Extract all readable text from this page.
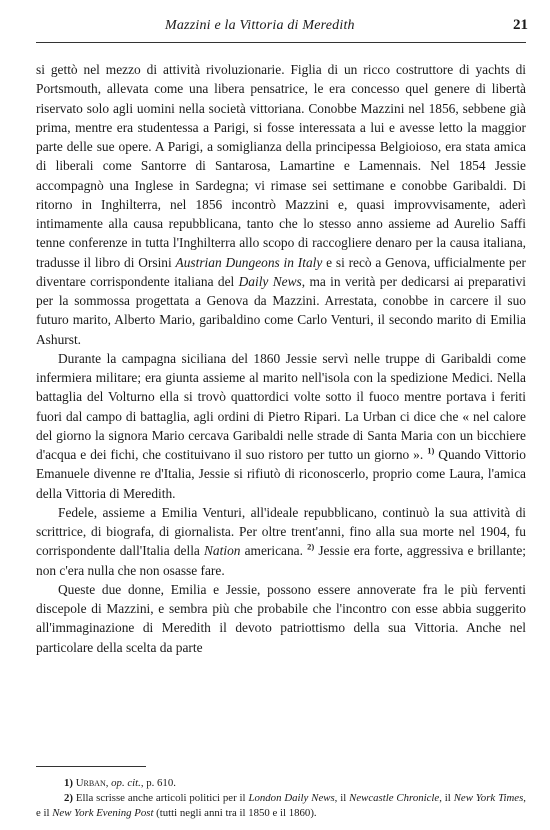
Mazzini e la Vittoria di Meredith	21

si gettò nel mezzo di attività rivoluzionarie. Figlia di un ricco costruttore di yachts di Portsmouth, allevata come una libera pensatrice, le era concesso quel genere di libertà riservato solo agli uomini nella società vittoriana. Conobbe Mazzini nel 1856, sebbene già prima, mentre era studentessa a Parigi, si fosse interessata a lui e avesse letto la maggior parte delle sue opere. A Parigi, a somiglianza della principessa Belgioioso, era stata amica di liberali come Santorre di Santarosa, Lamartine e Lamennais. Nel 1854 Jessie accompagnò una Inglese in Sardegna; vi rimase sei settimane e conobbe Garibaldi. Di ritorno in Inghilterra, nel 1856 incontrò Mazzini e, quasi improvvisamente, aderì intimamente alla causa repubblicana, tanto che lo stesso anno assieme ad Aurelio Saffi tenne conferenze in tutta l'Inghilterra allo scopo di raccogliere denaro per la causa italiana, tradusse il libro di Orsini Austrian Dungeons in Italy e si recò a Genova, ufficialmente per diventare corrispondente italiana del Daily News, ma in verità per dedicarsi ai preparativi per la sommossa progettata a Genova da Mazzini. Arrestata, conobbe in carcere il suo futuro marito, Alberto Mario, garibaldino come Carlo Venturi, il secondo marito di Emilia Ashurst.

Durante la campagna siciliana del 1860 Jessie servì nelle truppe di Garibaldi come infermiera militare; era giunta assieme al marito nell'isola con la spedizione Medici. Nella battaglia del Volturno ella si trovò quattordici volte sotto il fuoco mentre portava i feriti fuori dal campo di battaglia, agli ordini di Pietro Ripari. La Urban ci dice che « nel calore del giorno la signora Mario cercava Garibaldi nelle strade di Santa Maria con un bicchiere d'acqua e dei fichi, che costituivano il suo ristoro per tutto un giorno ». $^{1)}$ Quando Vittorio Emanuele divenne re d'Italia, Jessie si rifiutò di riconoscerlo, proprio come Laura, l'amica della Vittoria di Meredith.

Fedele, assieme a Emilia Venturi, all'ideale repubblicano, continuò la sua attività di scrittrice, di biografa, di giornalista. Per oltre trent'anni, fino alla sua morte nel 1904, fu corrispondente dall'Italia della Nation americana. $^{2)}$ Jessie era forte, aggressiva e brillante; non c'era nulla che non osasse fare.

Queste due donne, Emilia e Jessie, possono essere annoverate fra le più ferventi discepole di Mazzini, e sembra più che probabile che l'incontro con esse abbia suggerito all'immaginazione di Meredith il devoto patriottismo della sua Vittoria. Anche nel particolare della scelta da parte

1) Urban, op. cit., p. 610.

2) Ella scrisse anche articoli politici per il London Daily News, il Newcastle Chronicle, il New York Times, e il New York Evening Post (tutti negli anni tra il 1850 e il 1860).
